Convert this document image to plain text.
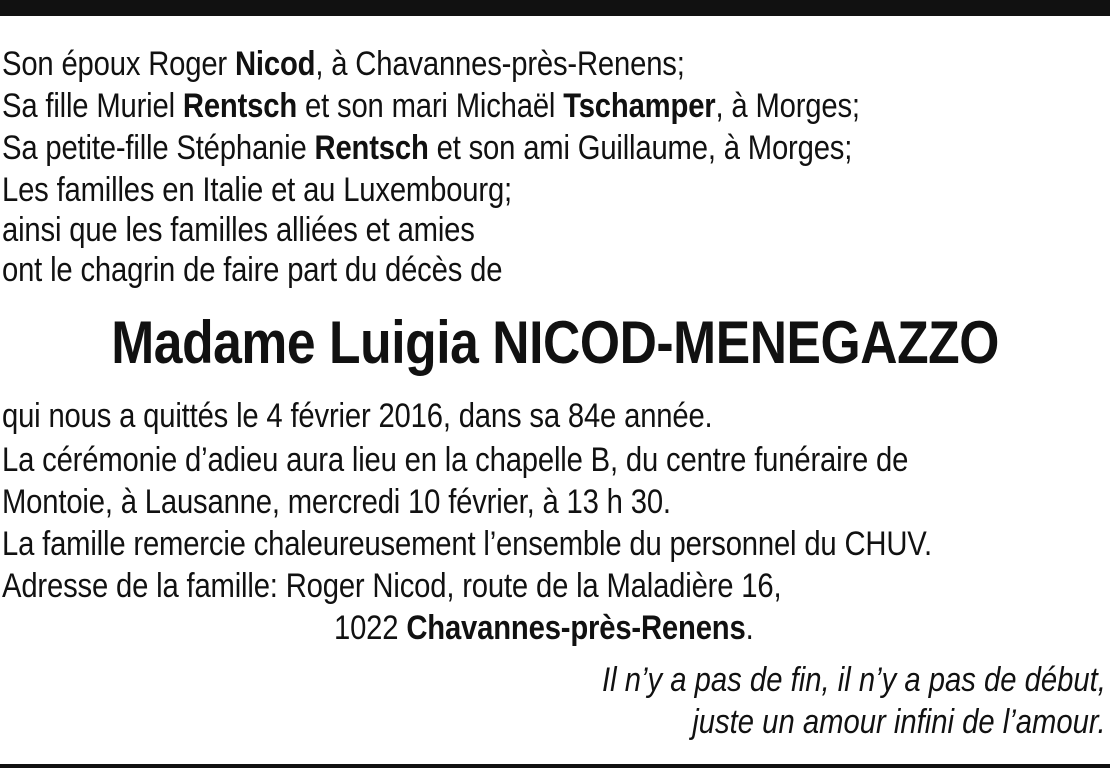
Son époux Roger Nicod, à Chavannes-près-Renens;
Sa fille Muriel Rentsch et son mari Michaël Tschamper, à Morges;
Sa petite-fille Stéphanie Rentsch et son ami Guillaume, à Morges;
Les familles en Italie et au Luxembourg;
ainsi que les familles alliées et amies
ont le chagrin de faire part du décès de
Madame Luigia NICOD-MENEGAZZO
qui nous a quittés le 4 février 2016, dans sa 84e année.
La cérémonie d’adieu aura lieu en la chapelle B, du centre funéraire de
Montoie, à Lausanne, mercredi 10 février, à 13 h 30.
La famille remercie chaleureusement l’ensemble du personnel du CHUV.
Adresse de la famille: Roger Nicod, route de la Maladière 16,
1022 Chavannes-près-Renens.
Il n’y a pas de fin, il n’y a pas de début,
juste un amour infini de l’amour.
